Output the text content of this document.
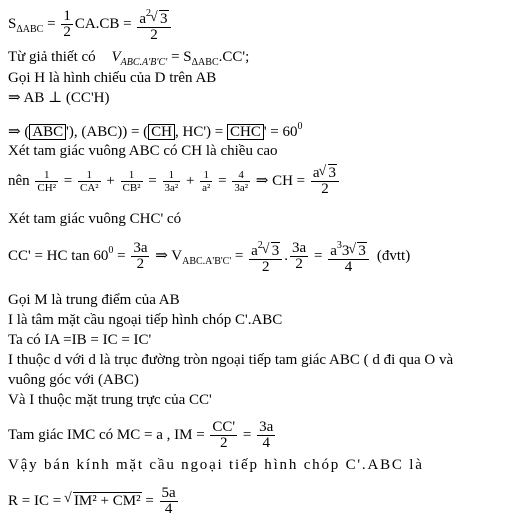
$S_{\Delta ABC} = \frac{1}{2} CA.CB = \frac{a^2 √ 3}{2}$
Từ giả thiết có $V_{ABC.A'B'C'} = S_{\Delta ABC}.CC'$;
Gọi H là hình chiếu của D trên AB
⇒ AB ⊥ (CC'H)
⇒ ( ABC '), (ABC)) = ( CH , HC') = CHC ' = $60^0$
Xét tam giác vuông ABC có CH là chiều cao
nên $\frac{1}{\text{CH²}} = \frac{1}{\text{CA²}} + \frac{1}{\text{CB²}} = \frac{1}{\text{3a²}} + \frac{1}{\text{a²}} = \frac{4}{\text{3a²}}$ ⇒ CH = $\frac{a √ 3}{2}$
Xét tam giác vuông CHC' có
CC' = HC $\tan 60^0 = \frac{3a}{2}$ ⇒ $V_{ABC.A'B'C'} = \frac{a^2 √ 3}{2}$ . $\frac{3a}{2} = \frac{a^33 √ 3}{4}$ (đvtt)
Gọi M là trung điểm của AB
I là tâm mặt cầu ngoại tiếp hình chóp C'.ABC
Ta có IA =IB = IC = IC'
I thuộc d với d là trục đường tròn ngoại tiếp tam giác ABC ( d đi qua O và
vuông góc với (ABC)
Và I thuộc mặt trung trực của CC'
Tam giác IMC có MC = a , IM = $\frac{CC'}{2} = \frac{3a}{4}$
Vậy bán kính mặt cầu ngoại tiếp hình chóp C'.ABC là
R = IC = √ $IM^2 + CM^2 = \frac{5a}{4}$
